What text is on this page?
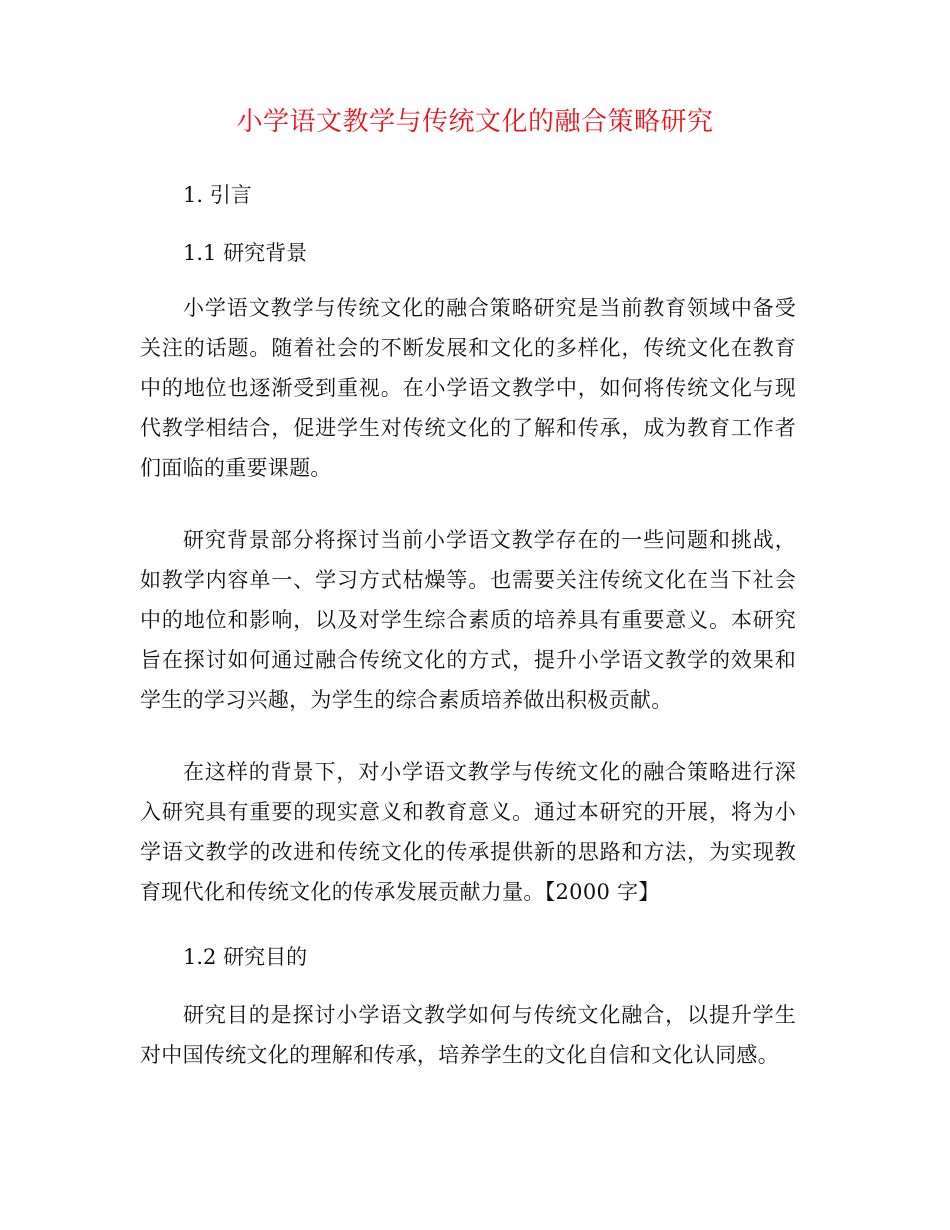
小学语文教学与传统文化的融合策略研究
1. 引言
1.1 研究背景
小学语文教学与传统文化的融合策略研究是当前教育领域中备受关注的话题。随着社会的不断发展和文化的多样化，传统文化在教育中的地位也逐渐受到重视。在小学语文教学中，如何将传统文化与现代教学相结合，促进学生对传统文化的了解和传承，成为教育工作者们面临的重要课题。
研究背景部分将探讨当前小学语文教学存在的一些问题和挑战，如教学内容单一、学习方式枯燥等。也需要关注传统文化在当下社会中的地位和影响，以及对学生综合素质的培养具有重要意义。本研究旨在探讨如何通过融合传统文化的方式，提升小学语文教学的效果和学生的学习兴趣，为学生的综合素质培养做出积极贡献。
在这样的背景下，对小学语文教学与传统文化的融合策略进行深入研究具有重要的现实意义和教育意义。通过本研究的开展，将为小学语文教学的改进和传统文化的传承提供新的思路和方法，为实现教育现代化和传统文化的传承发展贡献力量。【2000 字】
1.2 研究目的
研究目的是探讨小学语文教学如何与传统文化融合，以提升学生对中国传统文化的理解和传承，培养学生的文化自信和文化认同感。
